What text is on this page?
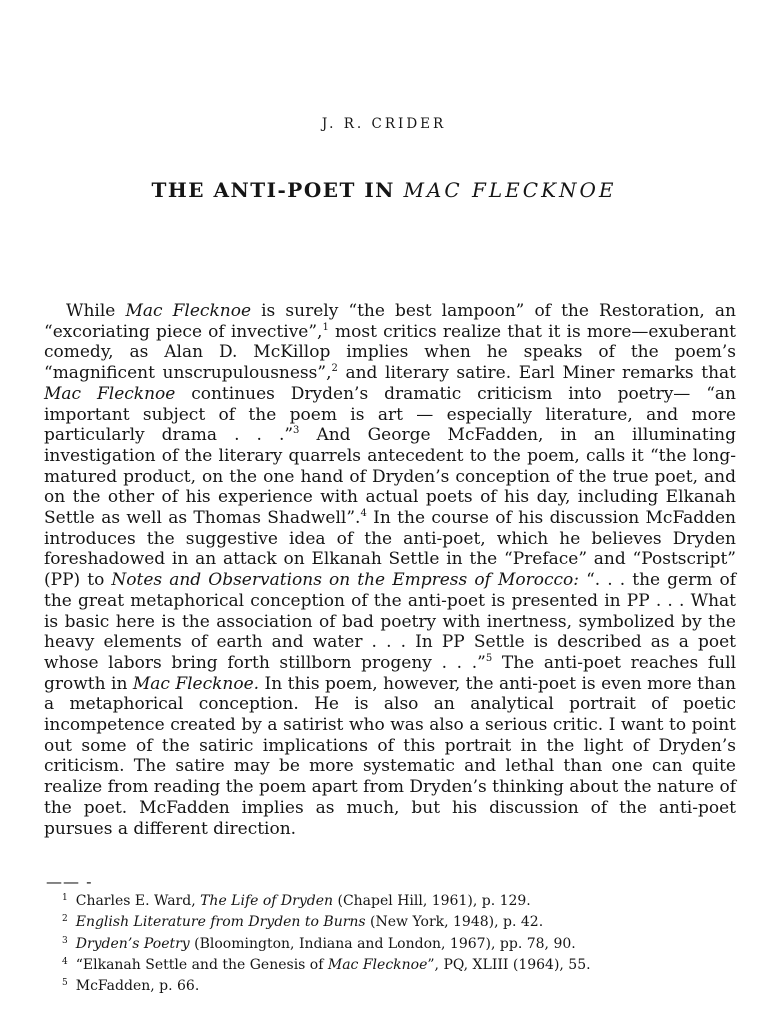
J. R. CRIDER
THE ANTI-POET IN MAC FLECKNOE

While Mac Flecknoe is surely “the best lampoon” of the Restoration, an “excoriating piece of invective”,$^1$ most critics realize that it is more—exuberant comedy, as Alan D. McKillop implies when he speaks of the poem’s “magnificent unscrupulousness”,$^2$ and literary satire. Earl Miner remarks that Mac Flecknoe continues Dryden’s dramatic criticism into poetry— “an important subject of the poem is art — especially literature, and more particularly drama . . .”$^3$ And George McFadden, in an illuminating investigation of the literary quarrels antecedent to the poem, calls it “the long-matured product, on the one hand of Dryden’s conception of the true poet, and on the other of his experience with actual poets of his day, including Elkanah Settle as well as Thomas Shadwell”.$^4$ In the course of his discussion McFadden introduces the suggestive idea of the anti-poet, which he believes Dryden foreshadowed in an attack on Elkanah Settle in the “Preface” and “Postscript” (PP) to Notes and Observations on the Empress of Morocco: “. . . the germ of the great metaphorical conception of the anti-poet is presented in PP . . . What is basic here is the association of bad poetry with inertness, symbolized by the heavy elements of earth and water . . . In PP Settle is described as a poet whose labors bring forth stillborn progeny . . .”$^5$ The anti-poet reaches full growth in Mac Flecknoe. In this poem, however, the anti-poet is even more than a metaphorical conception. He is also an analytical portrait of poetic incompetence created by a satirist who was also a serious critic. I want to point out some of the satiric implications of this portrait in the light of Dryden’s criticism. The satire may be more systematic and lethal than one can quite realize from reading the poem apart from Dryden’s thinking about the nature of the poet. McFadden implies as much, but his discussion of the anti-poet pursues a different direction.

—— -
$^1$ Charles E. Ward, The Life of Dryden (Chapel Hill, 1961), p. 129.
$^2$ English Literature from Dryden to Burns (New York, 1948), p. 42.
$^3$ Dryden’s Poetry (Bloomington, Indiana and London, 1967), pp. 78, 90.
$^4$ “Elkanah Settle and the Genesis of Mac Flecknoe”, PQ, XLIII (1964), 55.
$^5$ McFadden, p. 66.
